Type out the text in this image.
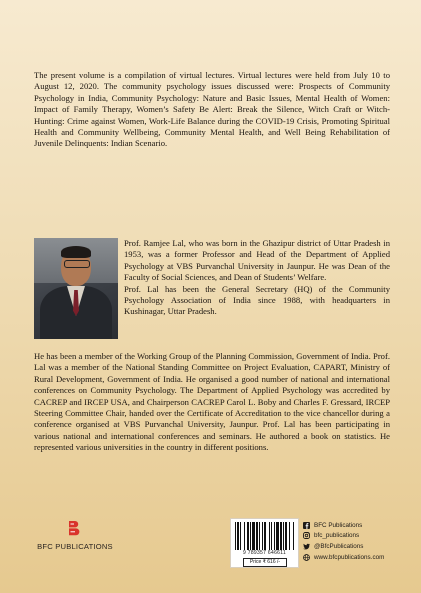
The present volume is a compilation of virtual lectures. Virtual lectures were held from July 10 to August 12, 2020. The community psychology issues discussed were: Prospects of Community Psychology in India, Community Psychology: Nature and Basic Issues, Mental Health of Women: Impact of Family Therapy, Women’s Safety Be Alert: Break the Silence, Witch Craft or Witch-Hunting: Crime against Women, Work-Life Balance during the COVID-19 Crisis, Promoting Spiritual Health and Community Wellbeing, Community Mental Health, and Well Being Rehabilitation of Juvenile Delinquents: Indian Scenario.

Prof. Ramjee Lal, who was born in the Ghazipur district of Uttar Pradesh in 1953, was a former Professor and Head of the Department of Applied Psychology at VBS Purvanchal University in Jaunpur. He was Dean of the Faculty of Social Sciences, and Dean of Students’ Welfare.

Prof. Lal has been the General Secretary (HQ) of the Community Psychology Association of India since 1988, with headquarters in Kushinagar, Uttar Pradesh.

He has been a member of the Working Group of the Planning Commission, Government of India. Prof. Lal was a member of the National Standing Committee on Project Evaluation, CAPART, Ministry of Rural Development, Government of India. He organised a good number of national and international conferences on Community Psychology. The Department of Applied Psychology was accredited by CACREP and IRCEP USA, and Chairperson CACREP Carol L. Boby and Charles F. Gressard, IRCEP Steering Committee Chair, handed over the Certificate of Accreditation to the vice chancellor during a conference organised at VBS Purvanchal University, Jaunpur. Prof. Lal has been participating in various national and international conferences and seminars. He authored a book on statistics. He represented various universities in the country in different positions.

BFC PUBLICATIONS
9 789357 646611
Price ₹ 616 /-
BFC Publications
bfc_publications
@BfcPublications
www.bfcpublications.com
